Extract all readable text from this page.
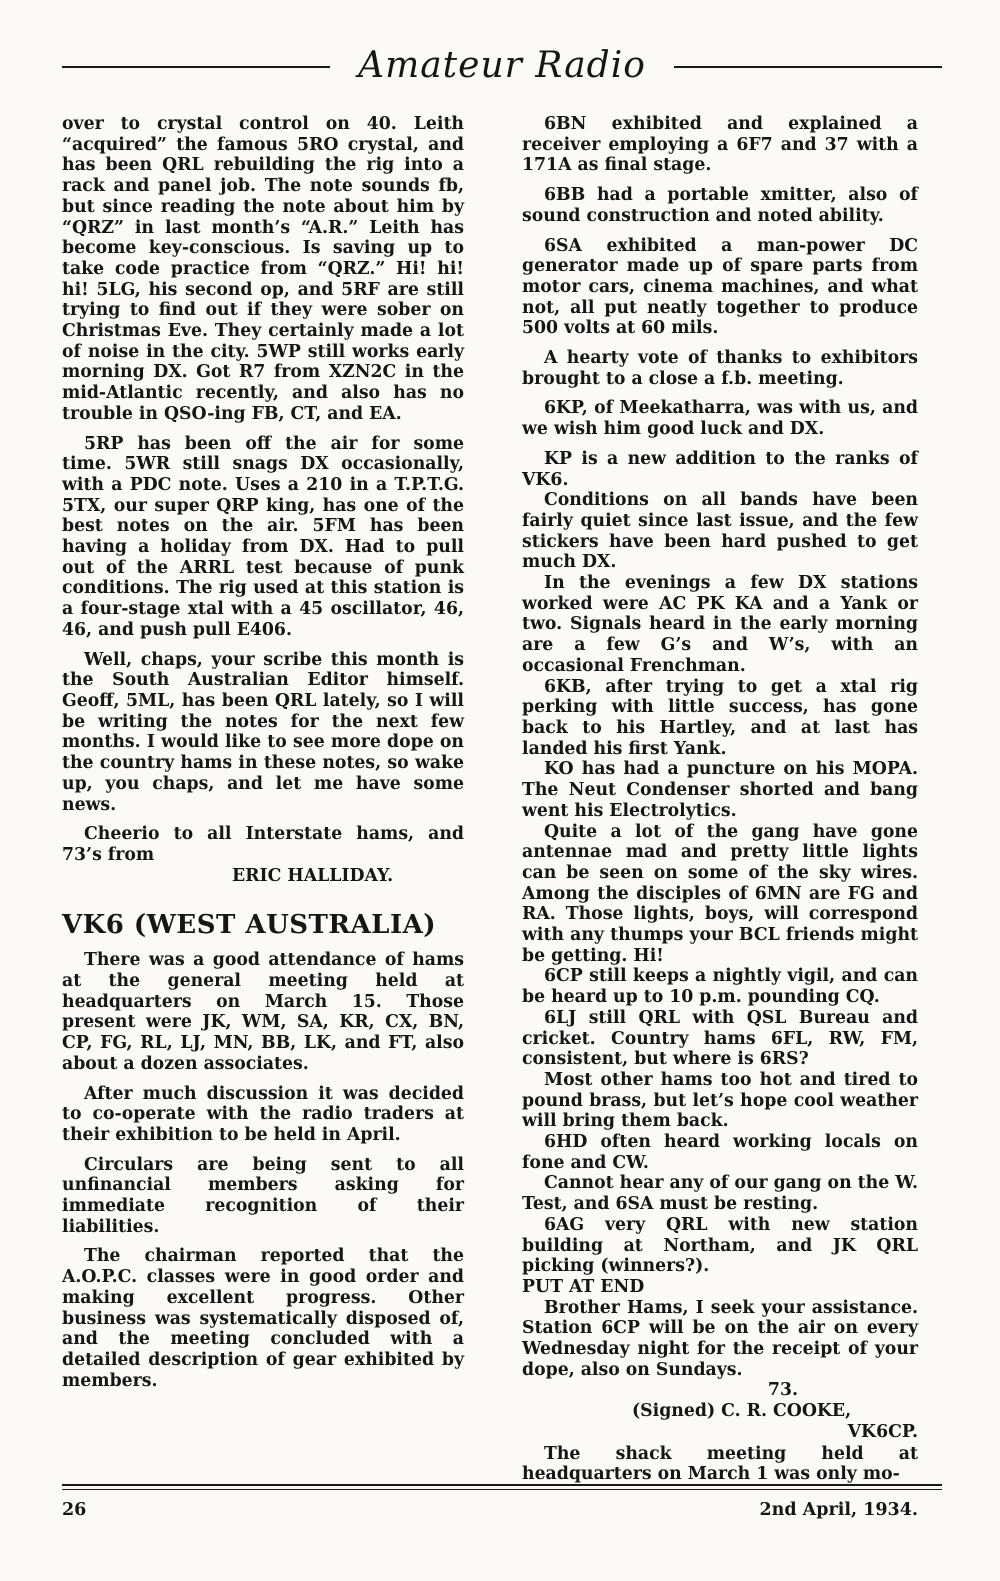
Amateur Radio

over to crystal control on 40. Leith “acquired” the famous 5RO crystal, and has been QRL rebuilding the rig into a rack and panel job. The note sounds fb, but since reading the note about him by “QRZ” in last month’s “A.R.” Leith has become key-conscious. Is saving up to take code practice from “QRZ.” Hi! hi! hi! 5LG, his second op, and 5RF are still trying to find out if they were sober on Christmas Eve. They certainly made a lot of noise in the city. 5WP still works early morning DX. Got R7 from XZN2C in the mid-Atlantic recently, and also has no trouble in QSO-ing FB, CT, and EA.

5RP has been off the air for some time. 5WR still snags DX occasionally, with a PDC note. Uses a 210 in a T.P.T.G. 5TX, our super QRP king, has one of the best notes on the air. 5FM has been having a holiday from DX. Had to pull out of the ARRL test because of punk conditions. The rig used at this station is a four-stage xtal with a 45 oscillator, 46, 46, and push pull E406.

Well, chaps, your scribe this month is the South Australian Editor himself. Geoff, 5ML, has been QRL lately, so I will be writing the notes for the next few months. I would like to see more dope on the country hams in these notes, so wake up, you chaps, and let me have some news.

Cheerio to all Interstate hams, and 73’s from

ERIC HALLIDAY.

VK6 (WEST AUSTRALIA)

There was a good attendance of hams at the general meeting held at headquarters on March 15. Those present were JK, WM, SA, KR, CX, BN, CP, FG, RL, LJ, MN, BB, LK, and FT, also about a dozen associates.

After much discussion it was decided to co-operate with the radio traders at their exhibition to be held in April.

Circulars are being sent to all unfinancial members asking for immediate recognition of their liabilities.

The chairman reported that the A.O.P.C. classes were in good order and making excellent progress. Other business was systematically disposed of, and the meeting concluded with a detailed description of gear exhibited by members.

6BN exhibited and explained a receiver employing a 6F7 and 37 with a 171A as final stage.

6BB had a portable xmitter, also of sound construction and noted ability.

6SA exhibited a man-power DC generator made up of spare parts from motor cars, cinema machines, and what not, all put neatly together to produce 500 volts at 60 mils.

A hearty vote of thanks to exhibitors brought to a close a f.b. meeting.

6KP, of Meekatharra, was with us, and we wish him good luck and DX.

KP is a new addition to the ranks of VK6.

Conditions on all bands have been fairly quiet since last issue, and the few stickers have been hard pushed to get much DX.

In the evenings a few DX stations worked were AC PK KA and a Yank or two. Signals heard in the early morning are a few G’s and W’s, with an occasional Frenchman.

6KB, after trying to get a xtal rig perking with little success, has gone back to his Hartley, and at last has landed his first Yank.

KO has had a puncture on his MOPA. The Neut Condenser shorted and bang went his Electrolytics.

Quite a lot of the gang have gone antennae mad and pretty little lights can be seen on some of the sky wires. Among the disciples of 6MN are FG and RA. Those lights, boys, will correspond with any thumps your BCL friends might be getting. Hi!

6CP still keeps a nightly vigil, and can be heard up to 10 p.m. pounding CQ.

6LJ still QRL with QSL Bureau and cricket. Country hams 6FL, RW, FM, consistent, but where is 6RS?

Most other hams too hot and tired to pound brass, but let’s hope cool weather will bring them back.

6HD often heard working locals on fone and CW.

Cannot hear any of our gang on the W. Test, and 6SA must be resting.

6AG very QRL with new station building at Northam, and JK QRL picking (winners?).

PUT AT END

Brother Hams, I seek your assistance. Station 6CP will be on the air on every Wednesday night for the receipt of your dope, also on Sundays.

73.

(Signed) C. R. COOKE,

VK6CP.

The shack meeting held at headquarters on March 1 was only mo-

26	2nd April, 1934.
